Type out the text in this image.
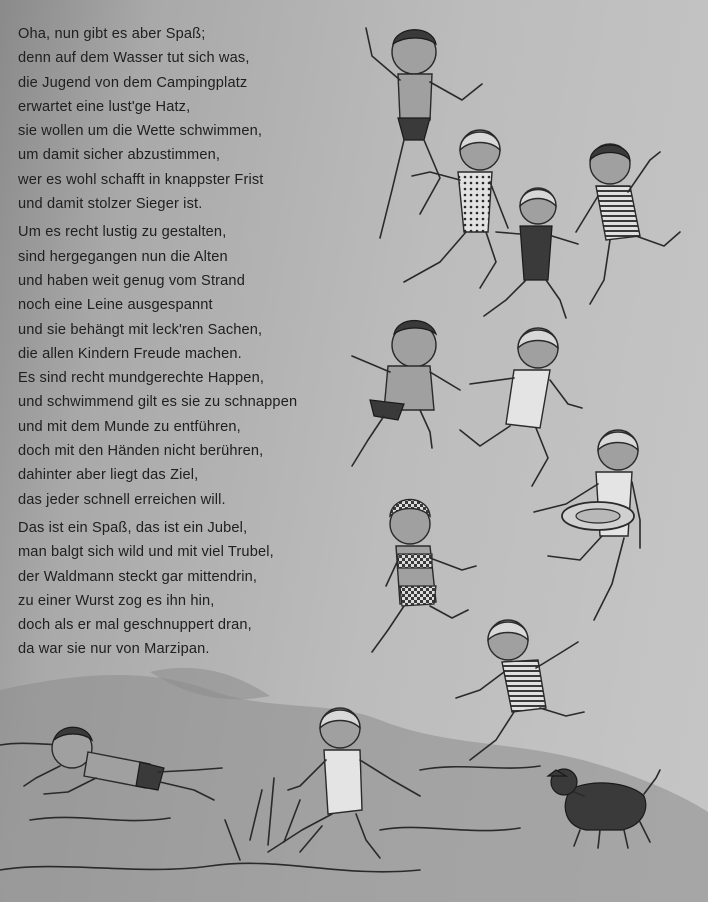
Oha, nun gibt es aber Spaß;
denn auf dem Wasser tut sich was,
die Jugend von dem Campingplatz
erwartet eine lust'ge Hatz,
sie wollen um die Wette schwimmen,
um damit sicher abzustimmen,
wer es wohl schafft in knappster Frist
und damit stolzer Sieger ist.
Um es recht lustig zu gestalten,
sind hergegangen nun die Alten
und haben weit genug vom Strand
noch eine Leine ausgespannt
und sie behängt mit leck'ren Sachen,
die allen Kindern Freude machen.
Es sind recht mundgerechte Happen,
und schwimmend gilt es sie zu schnappen
und mit dem Munde zu entführen,
doch mit den Händen nicht berühren,
dahinter aber liegt das Ziel,
das jeder schnell erreichen will.
Das ist ein Spaß, das ist ein Jubel,
man balgt sich wild und mit viel Trubel,
der Waldmann steckt gar mittendrin,
zu einer Wurst zog es ihn hin,
doch als er mal geschnuppert dran,
da war sie nur von Marzipan.
